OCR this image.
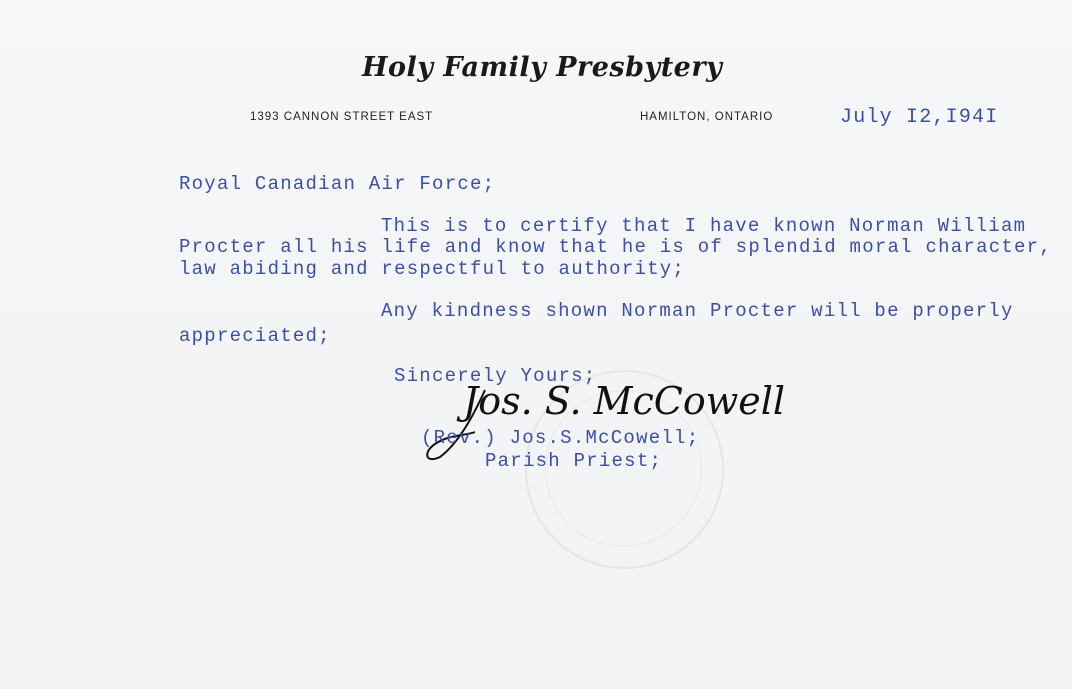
Holy Family Presbytery
1393 CANNON STREET EAST	HAMILTON, ONTARIO	July I2,I94I
Royal Canadian Air Force;
This is to certify that I have known Norman William
Procter all his life and know that he is of splendid moral character,
law abiding and respectful to authority;
Any kindness shown Norman Procter will be properly
appreciated;
Sincerely Yours;
Jos. S. McCowell
(Rev.) Jos.S.McCowell;
Parish Priest;
